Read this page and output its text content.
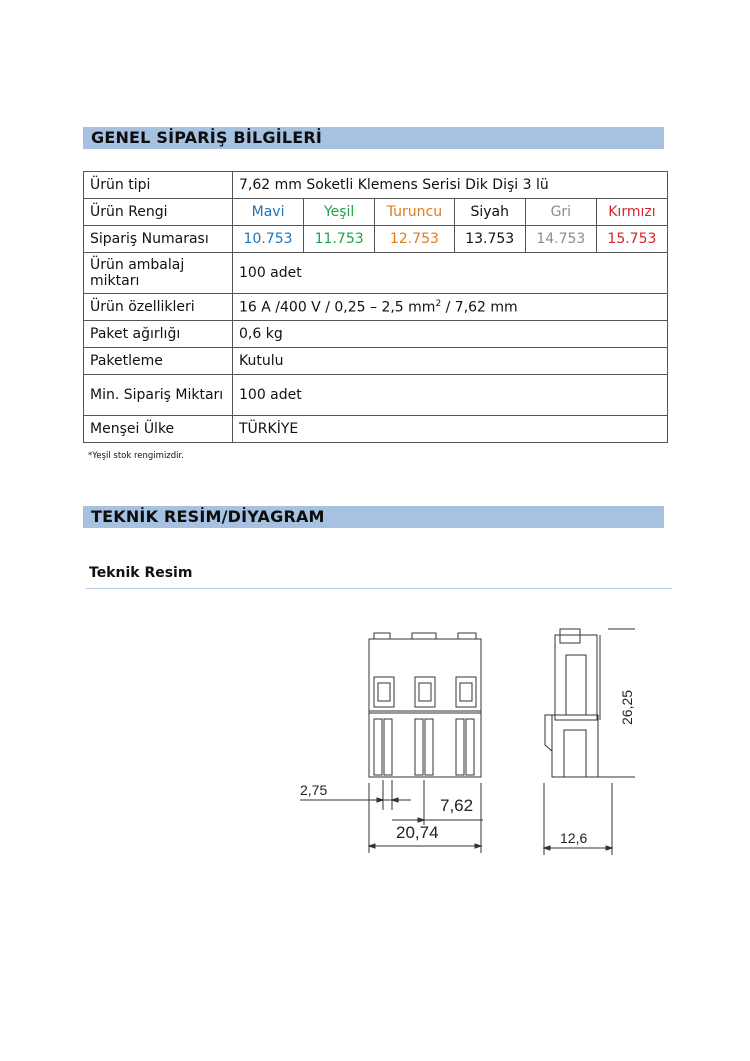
GENEL SİPARİŞ BİLGİLERİ
Ürün tipi	7,62 mm Soketli Klemens Serisi Dik Dişi 3 lü					
Ürün Rengi	Mavi	Yeşil	Turuncu	Siyah	Gri	Kırmızı
Sipariş Numarası	10.753	11.753	12.753	13.753	14.753	15.753
Ürün ambalaj miktarı	100 adet					
Ürün özellikleri	16 A /400 V / 0,25 – 2,5 $mm^2 / 7,62$ mm					
Paket ağırlığı	0,6 kg					
Paketleme	Kutulu					
Min. Sipariş Miktarı	100 adet					
Menşei Ülke	TÜRKİYE					
*Yeşil stok rengimizdir.
TEKNİK RESİM/DİYAGRAM
Teknik Resim
2,75
7,62
20,74	12,6
26,25
